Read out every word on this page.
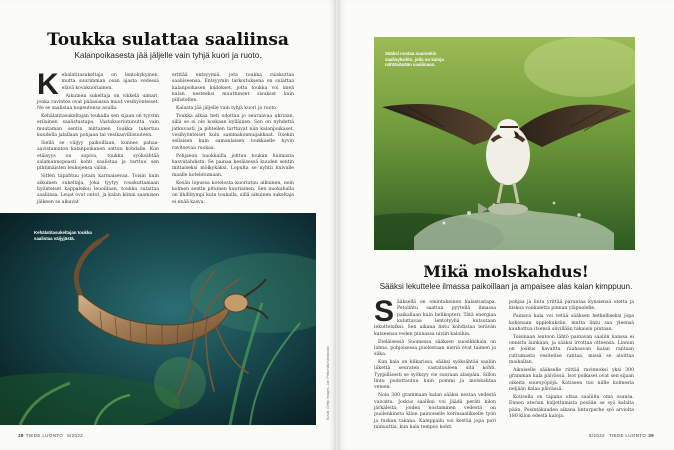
Toukka sulattaa saaliinsa
Kalanpoikasesta jää jäljelle vain tyhjä kuori ja ruoto.
K ehalatitasukeltaja on lentokykyinen, mutta suurimman osan ajasta vedessä elävä kovakuoriainen.

Aikuinen sukeltaja on vikkelä uimari, jonka ravintoa ovat pääasiassa muut vesihyönteiset. Ne se saalistaa nopeutensa avulla.

Kehälatitasukeltajan toukalla sen sijaan on tyystin erilainen saalistustapa. Vastakuoriutunutta vain muutaman sentin mittainen toukka tukertuu kuudella jalallaan pohjaan tai vesikasvillisuuteen.

Siellä se väijyy paikoillaan, kunnes pahaa-aavistamaton kalanpoikanen sattuu kohdalle. Kun etäisyys on sopiva, toukka syöksähtää salamannopeasti kohti saalistaa ja tarttuu sen pihtimäisten leukojensa väliin.

Sitten tapahtuu jotain karmaisevaa. Toisin kuin aikuinen sukeltaja, joka tyytyy rouskuttamaan hyönteiset kappaleiksi leuoillaan, toukka sulattaa saaliinsa. Leuat ovat ontot, ja kalan kiinni saamisen jälkeen se alkavat

erittää entsyymiä, jota toukka ruiskuttaa saaliiseensa. Entsyymin tarkoituksena on sulattaa kalanpoikasen kudokset, jotta toukka voi imeä kalan nesteeksi muuttuneet sisukset kuin pillistellen.

Kalasta jää jäljelle vain tyhjä kuori ja ruoto.

Toukka alkaa heti odottaa jo seuraavaa uhriaan, sillä se ei ole koskaan kylläinen. Sen on nyhdettä jatkuvasti, ja pihtellen tarttuvat niin kalanpoikaset, vesihyönteiset kuin sammakonnuijakkaat. Itsekin sellaisen kuin samanlaisen toukkaelle hyvin ravitsevaa ruokaa.

Pohjaeon nuokkailla johtuu toukan huimasta kasvutahdista. Se painaa kesäisessä kuuden sentin mittaiseksi mölkykäksi. Lopulta se nyhtii kuivalle maalle kotelotumaan.

Kesän lopussa kotelosta kuoriutuu aikuinen, noin kolmen sentin pituinen kuoriainen. Sen nuokahalla on lihillitympi kuin toukalla, sillä aikuinen sukeltaja ei enää kasva.

Kehälatitasukeltajan toukka saalistaa väijyjästä.
Kuvat: Getty Images, Jari Peltomäki/Vastavalo
38 TIEDE LUONTO 5/2022
Sääksi nostaa suurenkin saalisyksilön, jolla on kaloja nähtävänään saaliinaan.
Mikä molskahdus!
Sääksi lekuttelee ilmassa paikoillaan ja ampaisee alas kalan kimppuun.
S ääksellä on omintakeinen kalastustapa. Petolintu saattaa pyytellä ilmassa paikallaan kuin helikopteri. Tätä energiaa kuluttavaa lentotyyliä kutsutaan lekuttelulksi. Sen aikana lintu kohdistaa terävän katseensa veden pinnassa uiviin kaloihin.

Eteläisessä Suomessa sääksen suosikkikala on lahna, pohjoisessa puolestaan nieriä ovat taimen ja siika.

Kun kala on kiikarissa, sääksi syöksähtää saaliin liikettä seuraten vastatuuleen sitä kohti. Tyypillisesti se syöksyy vie suoraan alaspäin. Sillon lintu pudottautuu kuin pommi ja molskahtaa veteen.

Noin 300 grammaan kalan sääksi nostaa vedestä vaivatta. Joskus saaliksi voi jäädä peräti kilon järkäleitä, joiden nostaminen vedestä on puolenkinsta kilon painoiselle korinsaalikselle työn ja tuskan takana. Kamppailu voi kestää jopa pari minuuttia, kun kala tempoo kohti

pohjaa ja lintu yrittää parantaa kynsiensä otetta ja kiskoa vonkaletta pinnan yläpuolelle.

Painava kala voi vetää sääksen hetkelliseksi jopa kokonaan upplekuksiin, mutta lintu saa yleensä kauhottua itsensä siivillään takaisin pintaan.

Toisinaan lentoon lähtö painavan saaliin kanssa ei onnistu lainkaan, ja sääksi irrottaa otteensa. Linnun on joskus havaittu raahaavan kalan rantaan ruttumasta vesiteitse rantaa, missä se aloittaa maikallan.

Aikuiselle sääkselle riittää ravinnoksi yksi 300 gramman kala päivässä. Isot poikaset ovat sen sijaan oikeita suursyöpöjä. Kotiseen tuo niille kolmesta neljään kalaa päivässä.

Kotisella on tapana ottaa saaliilta oma osansa. Ennen aterian kuljettamista pesään se syö kalalta pään. Pesintäkauden aikana linturperhe syö arviolta 180 kilon edestä kaloja.

5/2022 TIEDE LUONTO 39
